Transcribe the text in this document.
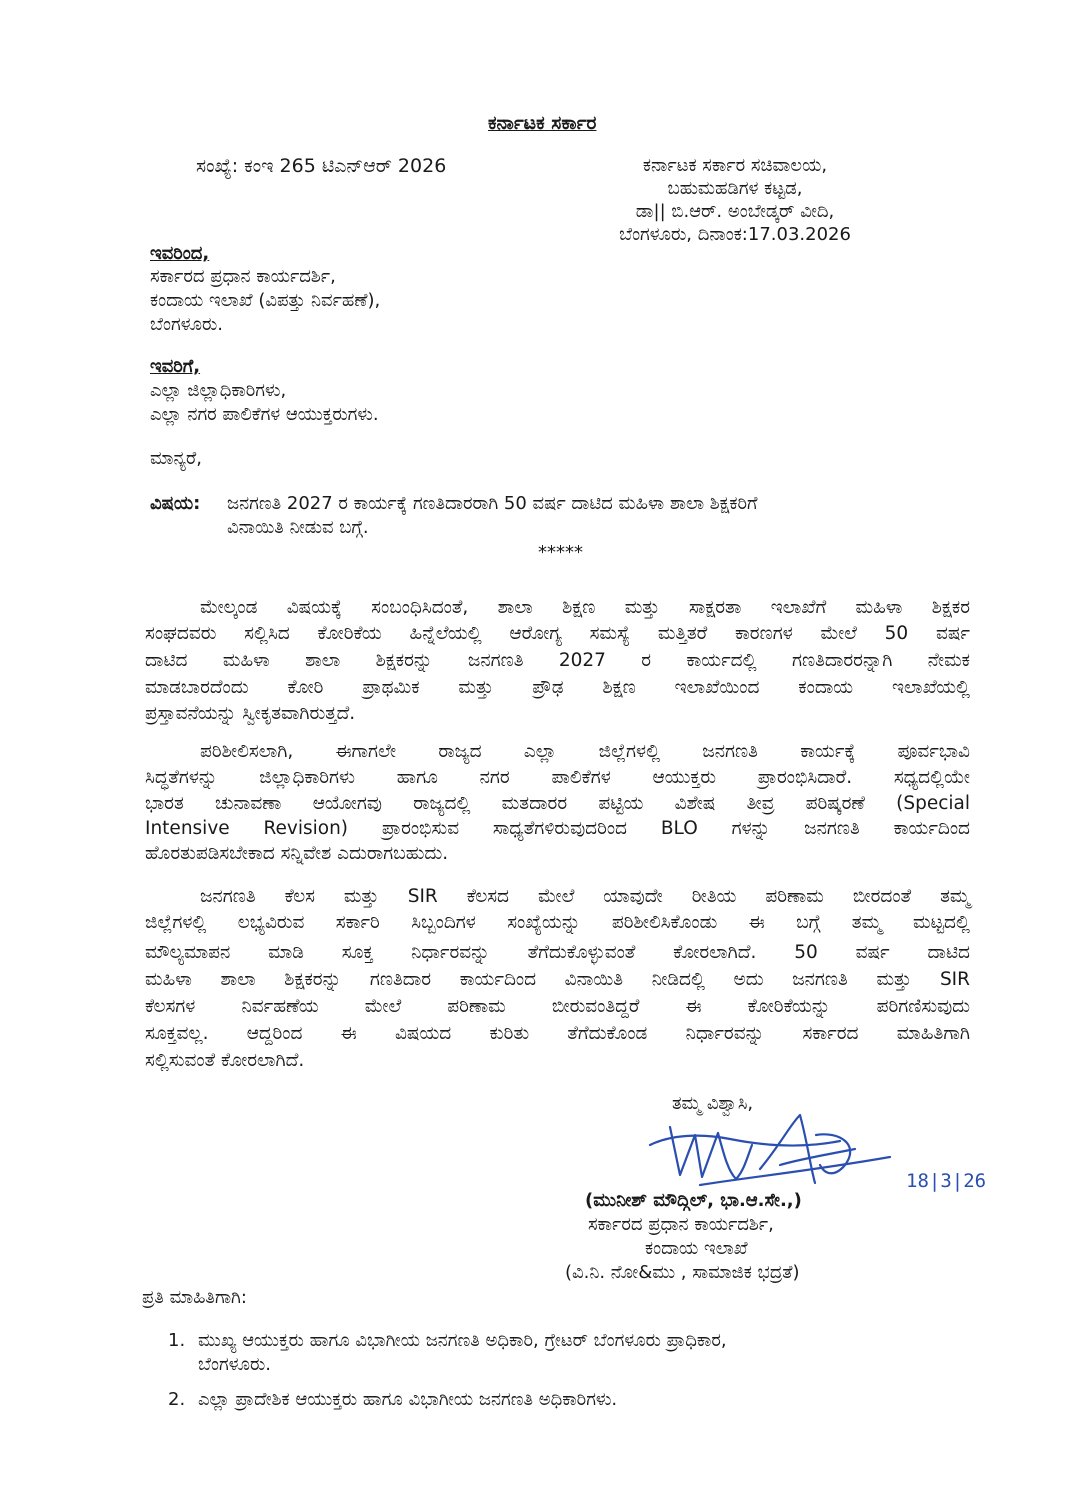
ಕರ್ನಾಟಕ ಸರ್ಕಾರ
ಸಂಖ್ಯೆ: ಕಂಇ 265 ಟಿಎನ್ಆರ್ 2026	ಕರ್ನಾಟಕ ಸರ್ಕಾರ ಸಚಿವಾಲಯ,
ಬಹುಮಹಡಿಗಳ ಕಟ್ಟಡ,
ಡಾ|| ಬಿ.ಆರ್. ಅಂಬೇಡ್ಕರ್ ವೀದಿ,
ಬೆಂಗಳೂರು, ದಿನಾಂಕ:17.03.2026
ಇವರಿಂದ,
ಸರ್ಕಾರದ ಪ್ರಧಾನ ಕಾರ್ಯದರ್ಶಿ,
ಕಂದಾಯ ಇಲಾಖೆ (ವಿಪತ್ತು ನಿರ್ವಹಣೆ),
ಬೆಂಗಳೂರು.
ಇವರಿಗೆ,
ಎಲ್ಲಾ ಜಿಲ್ಲಾಧಿಕಾರಿಗಳು,
ಎಲ್ಲಾ ನಗರ ಪಾಲಿಕೆಗಳ ಆಯುಕ್ತರುಗಳು.
ಮಾನ್ಯರೆ,
ವಿಷಯ: ಜನಗಣತಿ 2027 ರ ಕಾರ್ಯಕ್ಕೆ ಗಣತಿದಾರರಾಗಿ 50 ವರ್ಷ ದಾಟಿದ ಮಹಿಳಾ ಶಾಲಾ ಶಿಕ್ಷಕರಿಗೆ
ವಿನಾಯಿತಿ ನೀಡುವ ಬಗ್ಗೆ.
*****
ಮೇಲ್ಕಂಡ ವಿಷಯಕ್ಕೆ ಸಂಬಂಧಿಸಿದಂತೆ, ಶಾಲಾ ಶಿಕ್ಷಣ ಮತ್ತು ಸಾಕ್ಷರತಾ ಇಲಾಖೆಗೆ ಮಹಿಳಾ ಶಿಕ್ಷಕರ
ಸಂಘದವರು ಸಲ್ಲಿಸಿದ ಕೋರಿಕೆಯ ಹಿನ್ನೆಲೆಯಲ್ಲಿ ಆರೋಗ್ಯ ಸಮಸ್ಯೆ ಮತ್ತಿತರೆ ಕಾರಣಗಳ ಮೇಲೆ 50 ವರ್ಷ
ದಾಟಿದ ಮಹಿಳಾ ಶಾಲಾ ಶಿಕ್ಷಕರನ್ನು ಜನಗಣತಿ 2027 ರ ಕಾರ್ಯದಲ್ಲಿ ಗಣತಿದಾರರನ್ನಾಗಿ ನೇಮಕ
ಮಾಡಬಾರದೆಂದು ಕೋರಿ ಪ್ರಾಥಮಿಕ ಮತ್ತು ಪ್ರೌಢ ಶಿಕ್ಷಣ ಇಲಾಖೆಯಿಂದ ಕಂದಾಯ ಇಲಾಖೆಯಲ್ಲಿ
ಪ್ರಸ್ತಾವನೆಯನ್ನು ಸ್ವೀಕೃತವಾಗಿರುತ್ತದೆ.
ಪರಿಶೀಲಿಸಲಾಗಿ, ಈಗಾಗಲೇ ರಾಜ್ಯದ ಎಲ್ಲಾ ಜಿಲ್ಲೆಗಳಲ್ಲಿ ಜನಗಣತಿ ಕಾರ್ಯಕ್ಕೆ ಪೂರ್ವಭಾವಿ
ಸಿದ್ಧತೆಗಳನ್ನು ಜಿಲ್ಲಾಧಿಕಾರಿಗಳು ಹಾಗೂ ನಗರ ಪಾಲಿಕೆಗಳ ಆಯುಕ್ತರು ಪ್ರಾರಂಭಿಸಿದಾರೆ. ಸಧ್ಯದಲ್ಲಿಯೇ
ಭಾರತ ಚುನಾವಣಾ ಆಯೋಗವು ರಾಜ್ಯದಲ್ಲಿ ಮತದಾರರ ಪಟ್ಟಿಯ ವಿಶೇಷ ತೀವ್ರ ಪರಿಷ್ಕರಣೆ (Special
Intensive Revision) ಪ್ರಾರಂಭಿಸುವ ಸಾಧ್ಯತೆಗಳಿರುವುದರಿಂದ BLO ಗಳನ್ನು ಜನಗಣತಿ ಕಾರ್ಯದಿಂದ
ಹೊರತುಪಡಿಸಬೇಕಾದ ಸನ್ನಿವೇಶ ಎದುರಾಗಬಹುದು.
ಜನಗಣತಿ ಕೆಲಸ ಮತ್ತು SIR ಕೆಲಸದ ಮೇಲೆ ಯಾವುದೇ ರೀತಿಯ ಪರಿಣಾಮ ಬೀರದಂತೆ ತಮ್ಮ
ಜಿಲ್ಲೆಗಳಲ್ಲಿ ಲಭ್ಯವಿರುವ ಸರ್ಕಾರಿ ಸಿಬ್ಬಂದಿಗಳ ಸಂಖ್ಯೆಯನ್ನು ಪರಿಶೀಲಿಸಿಕೊಂಡು ಈ ಬಗ್ಗೆ ತಮ್ಮ ಮಟ್ಟದಲ್ಲಿ
ಮೌಲ್ಯಮಾಪನ ಮಾಡಿ ಸೂಕ್ತ ನಿರ್ಧಾರವನ್ನು ತೆಗೆದುಕೊಳ್ಳುವಂತೆ ಕೋರಲಾಗಿದೆ. 50 ವರ್ಷ ದಾಟಿದ
ಮಹಿಳಾ ಶಾಲಾ ಶಿಕ್ಷಕರನ್ನು ಗಣತಿದಾರ ಕಾರ್ಯದಿಂದ ವಿನಾಯಿತಿ ನೀಡಿದಲ್ಲಿ ಅದು ಜನಗಣತಿ ಮತ್ತು SIR
ಕೆಲಸಗಳ ನಿರ್ವಹಣೆಯ ಮೇಲೆ ಪರಿಣಾಮ ಬೀರುವಂತಿದ್ದರೆ ಈ ಕೋರಿಕೆಯನ್ನು ಪರಿಗಣಿಸುವುದು
ಸೂಕ್ತವಲ್ಲ. ಆದ್ದರಿಂದ ಈ ವಿಷಯದ ಕುರಿತು ತೆಗೆದುಕೊಂಡ ನಿರ್ಧಾರವನ್ನು ಸರ್ಕಾರದ ಮಾಹಿತಿಗಾಗಿ
ಸಲ್ಲಿಸುವಂತೆ ಕೋರಲಾಗಿದೆ.
ತಮ್ಮ ವಿಶ್ವಾಸಿ,
18|3|26
(ಮುನೀಶ್ ಮೌದ್ಗಿಲ್, ಭಾ.ಆ.ಸೇ.,)
ಸರ್ಕಾರದ ಪ್ರಧಾನ ಕಾರ್ಯದರ್ಶಿ,
ಕಂದಾಯ ಇಲಾಖೆ
(ವಿ.ನಿ. ನೋ&ಮು , ಸಾಮಾಜಿಕ ಭದ್ರತೆ)
ಪ್ರತಿ ಮಾಹಿತಿಗಾಗಿ:
1. ಮುಖ್ಯ ಆಯುಕ್ತರು ಹಾಗೂ ವಿಭಾಗೀಯ ಜನಗಣತಿ ಅಧಿಕಾರಿ, ಗ್ರೇಟರ್ ಬೆಂಗಳೂರು ಪ್ರಾಧಿಕಾರ,
ಬೆಂಗಳೂರು.
2. ಎಲ್ಲಾ ಪ್ರಾದೇಶಿಕ ಆಯುಕ್ತರು ಹಾಗೂ ವಿಭಾಗೀಯ ಜನಗಣತಿ ಅಧಿಕಾರಿಗಳು.
